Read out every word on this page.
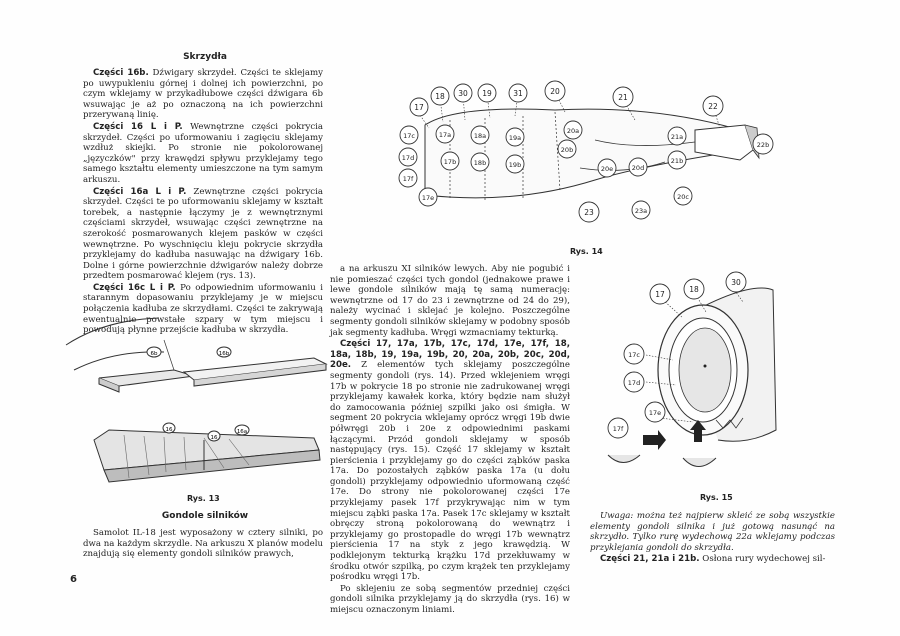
Skrzydła

Części 16b. Dźwigary skrzydeł. Części te sklejamy po uwypukleniu górnej i dolnej ich powierzchni, po czym wklejamy w przykadłubowe części dźwigara 6b wsuwając je aż po oznaczoną na ich powierzchni przerywaną linię.

Części 16 L i P. Wewnętrzne części pokrycia skrzydeł. Części po uformowaniu i zagięciu sklejamy wzdłuż skiejki. Po stronie nie pokolorowanej „języczków" przy krawędzi spływu przyklejamy tego samego kształtu elementy umieszczone na tym samym arkuszu.

Części 16a L i P. Zewnętrzne części pokrycia skrzydeł. Części te po uformowaniu sklejamy w kształt torebek, a następnie łączymy je z wewnętrznymi częściami skrzydeł, wsuwając części zewnętrzne na szerokość posmarowanych klejem pasków w części wewnętrzne. Po wyschnięciu kleju pokrycie skrzydła przyklejamy do kadłuba nasuwając na dźwigary 16b. Dolne i górne powierzchnie dźwigarów należy dobrze przedtem posmarować klejem (rys. 13).

Części 16c L i P. Po odpowiednim uformowaniu i starannym dopasowaniu przyklejamy je w miejscu połączenia kadłuba ze skrzydłami. Części te zakrywają ewentualnie powstałe szpary w tym miejscu i powodują płynne przejście kadłuba w skrzydła.

6b	16b
16
16
16a
Rys. 13
Gondole silników

Samolot IL-18 jest wyposażony w cztery silniki, po dwa na każdym skrzydle. Na arkuszu X planów modelu znajdują się elementy gondoli silników prawych,

6

a na arkuszu XI silników lewych. Aby nie pogubić i nie pomieszać części tych gondol (jednakowe prawe i lewe gondole silników mają tę samą numerację: wewnętrzne od 17 do 23 i zewnętrzne od 24 do 29), należy wycinać i sklejać je kolejno. Poszczególne segmenty gondoli silników sklejamy w podobny sposób jak segmenty kadłuba. Wręgi wzmacniamy tekturką.

Części 17, 17a, 17b, 17c, 17d, 17e, 17f, 18, 18a, 18b, 19, 19a, 19b, 20, 20a, 20b, 20c, 20d, 20e. Z elementów tych sklejamy poszczególne segmenty gondoli (rys. 14). Przed wklejeniem wręgi 17b w pokrycie 18 po stronie nie zadrukowanej wręgi przyklejamy kawałek korka, który będzie nam służył do zamocowania później szpilki jako osi śmigła. W segment 20 pokrycia wklejamy oprócz wręgi 19b dwie półwręgi 20b i 20e z odpowiednimi paskami łączącymi. Przód gondoli sklejamy w sposób następujący (rys. 15). Część 17 sklejamy w kształt pierścienia i przyklejamy go do części ząbków paska 17a. Do pozostałych ząbków paska 17a (u dołu gondoli) przyklejamy odpowiednio uformowaną część 17e. Do strony nie pokolorowanej części 17e przyklejamy pasek 17f przykrywając nim w tym miejscu ząbki paska 17a. Pasek 17c sklejamy w kształt obręczy stroną pokolorowaną do wewnątrz i przyklejamy go prostopadle do wręgi 17b wewnątrz pierścienia 17 na styk z jego krawędzią. W podklejonym tekturką krążku 17d przekłuwamy w środku otwór szpilką, po czym krążek ten przyklejamy pośrodku wręgi 17b.

Po sklejeniu ze sobą segmentów przedniej części gondoli silnika przyklejamy ją do skrzydła (rys. 16) w miejscu oznaczonym liniami.

17
18 30 19	31	20
21
22
17a	18a	19a
20a
21a
22b
17c
17b	18b	19b
20b
20e	20d
21b
17d
17f
17e
23	23a
20c
Rys. 14
17
18
30
17c
17d
17e
17f
Rys. 15

Uwaga: można też najpierw skleić ze sobą wszystkie elementy gondoli silnika i już gotową nasunąć na skrzydło. Tylko rurę wydechową 22a wklejamy podczas przyklejania gondoli do skrzydła.

Części 21, 21a i 21b. Osłona rury wydechowej sil-
